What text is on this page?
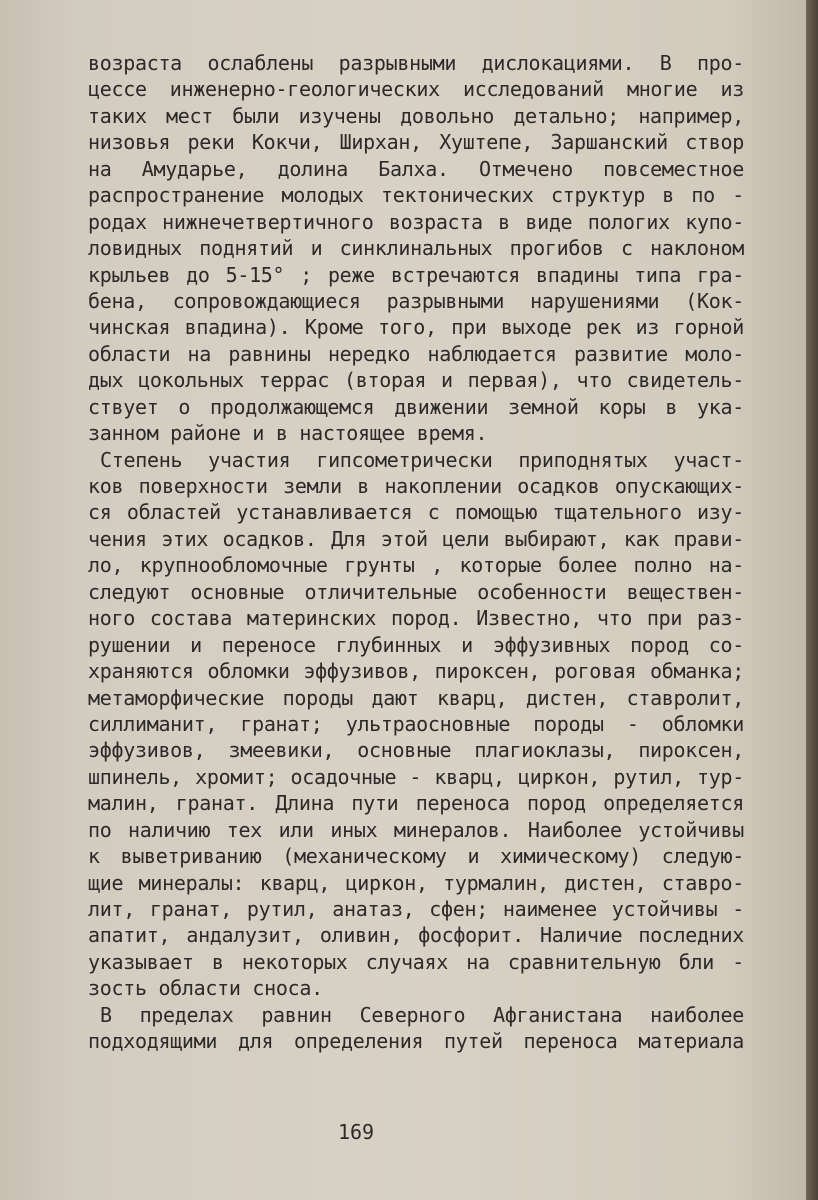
возраста ослаблены разрывными дислокациями. В про-
цессе инженерно-геологических исследований многие из
таких мест были изучены довольно детально; например,
низовья реки Кокчи, Ширхан, Хуштепе, Заршанский створ
на Амударье, долина Балха. Отмечено повсеместное
распространение молодых тектонических структур в по -
родах нижнечетвертичного возраста в виде пологих купо-
ловидных поднятий и синклинальных прогибов с наклоном
крыльев до 5-15° ; реже встречаются впадины типа гра-
бена, сопровождающиеся разрывными нарушениями (Кок-
чинская впадина). Кроме того, при выходе рек из горной
области на равнины нередко наблюдается развитие моло-
дых цокольных террас (вторая и первая), что свидетель-
ствует о продолжающемся движении земной коры в ука-
занном районе и в настоящее время.
Степень участия гипсометрически приподнятых участ-
ков поверхности земли в накоплении осадков опускающих-
ся областей устанавливается с помощью тщательного изу-
чения этих осадков. Для этой цели выбирают, как прави-
ло, крупнообломочные грунты , которые более полно на-
следуют основные отличительные особенности веществен-
ного состава материнских пород. Известно, что при раз-
рушении и переносе глубинных и эффузивных пород со-
храняются обломки эффузивов, пироксен, роговая обманка;
метаморфические породы дают кварц, дистен, ставролит,
силлиманит, гранат; ультраосновные породы - обломки
эффузивов, змеевики, основные плагиоклазы, пироксен,
шпинель, хромит; осадочные - кварц, циркон, рутил, тур-
малин, гранат. Длина пути переноса пород определяется
по наличию тех или иных минералов. Наиболее устойчивы
к выветриванию (механическому и химическому) следую-
щие минералы: кварц, циркон, турмалин, дистен, ставро-
лит, гранат, рутил, анатаз, сфен; наименее устойчивы -
апатит, андалузит, оливин, фосфорит. Наличие последних
указывает в некоторых случаях на сравнительную бли -
зость области сноса.
В пределах равнин Северного Афганистана наиболее
подходящими для определения путей переноса материала
169
